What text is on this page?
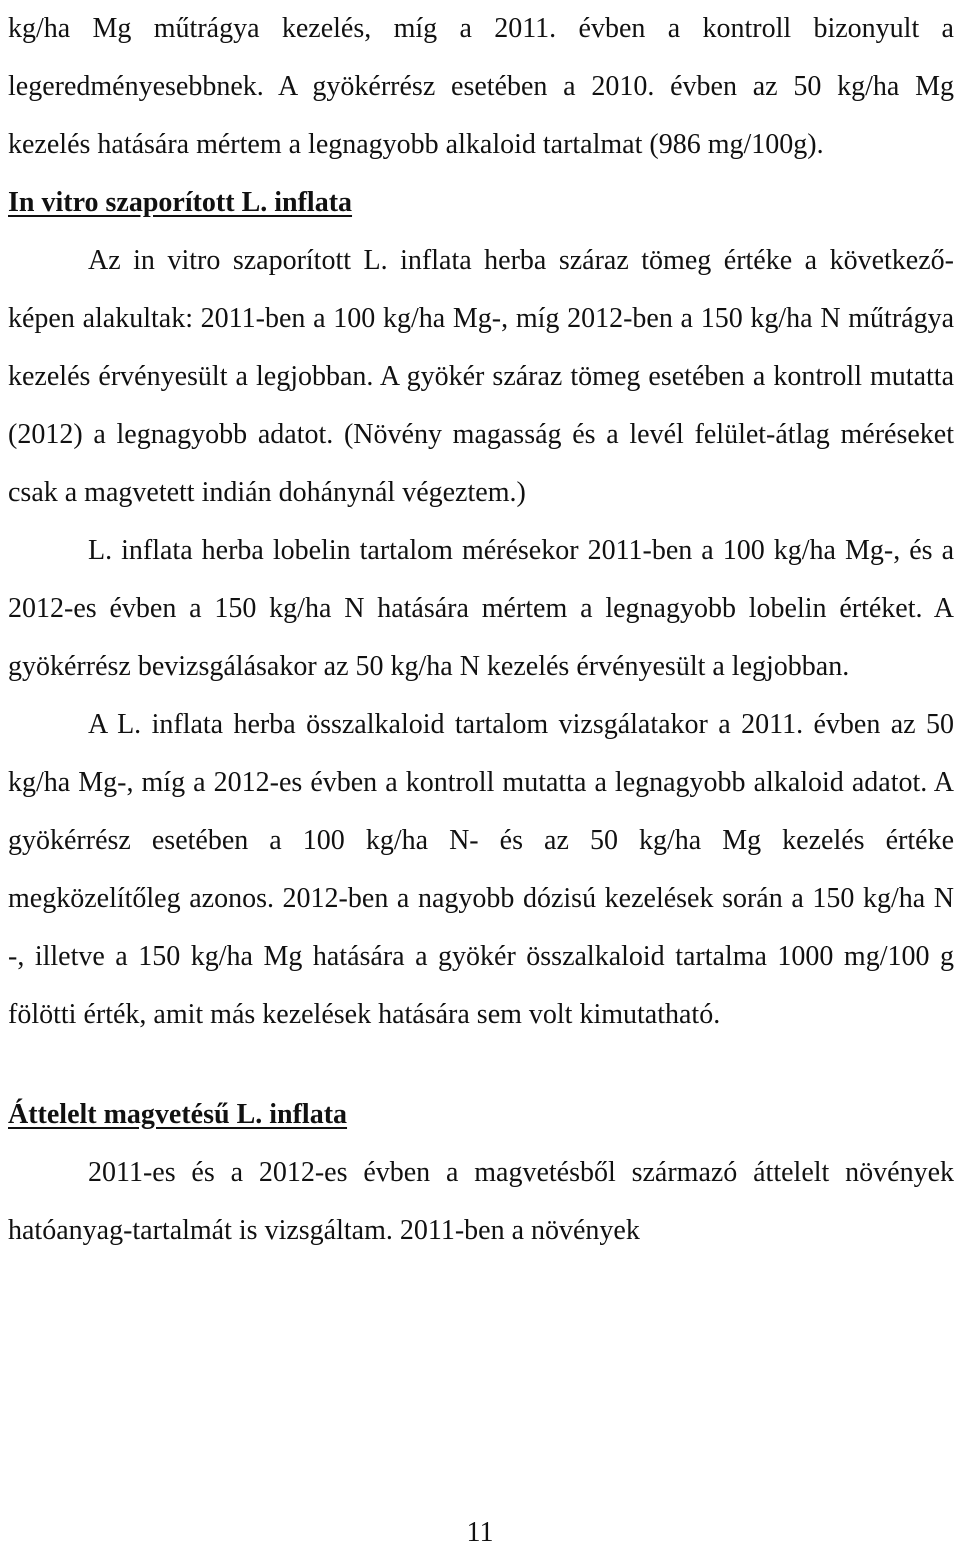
kg/ha Mg műtrágya kezelés, míg a 2011. évben a kontroll bizonyult a legeredményesebbnek. A gyökérrész esetében a 2010. évben az 50 kg/ha Mg kezelés hatására mértem a legnagyobb alkaloid tartalmat (986 mg/100g).

In vitro szaporított L. inflata

Az in vitro szaporított L. inflata herba száraz tömeg értéke a következő-képen alakultak: 2011-ben a 100 kg/ha Mg-, míg 2012-ben a 150 kg/ha N műtrágya kezelés érvényesült a legjobban. A gyökér száraz tömeg esetében a kontroll mutatta (2012) a legnagyobb adatot. (Növény magasság és a levél felület-átlag méréseket csak a magvetett indián dohánynál végeztem.)

L. inflata herba lobelin tartalom mérésekor 2011-ben a 100 kg/ha Mg-, és a 2012-es évben a 150 kg/ha N hatására mértem a legnagyobb lobelin értéket. A gyökérrész bevizsgálásakor az 50 kg/ha N kezelés érvényesült a legjobban.

A L. inflata herba összalkaloid tartalom vizsgálatakor a 2011. évben az 50 kg/ha Mg-, míg a 2012-es évben a kontroll mutatta a legnagyobb alkaloid adatot. A gyökérrész esetében a 100 kg/ha N- és az 50 kg/ha Mg kezelés értéke megközelítőleg azonos. 2012-ben a nagyobb dózisú kezelések során a 150 kg/ha N -, illetve a 150 kg/ha Mg hatására a gyökér összalkaloid tartalma 1000 mg/100 g fölötti érték, amit más kezelések hatására sem volt kimutatható.

Áttelelt magvetésű L. inflata

2011-es és a 2012-es évben a magvetésből származó áttelelt növények hatóanyag-tartalmát is vizsgáltam. 2011-ben a növények

11
